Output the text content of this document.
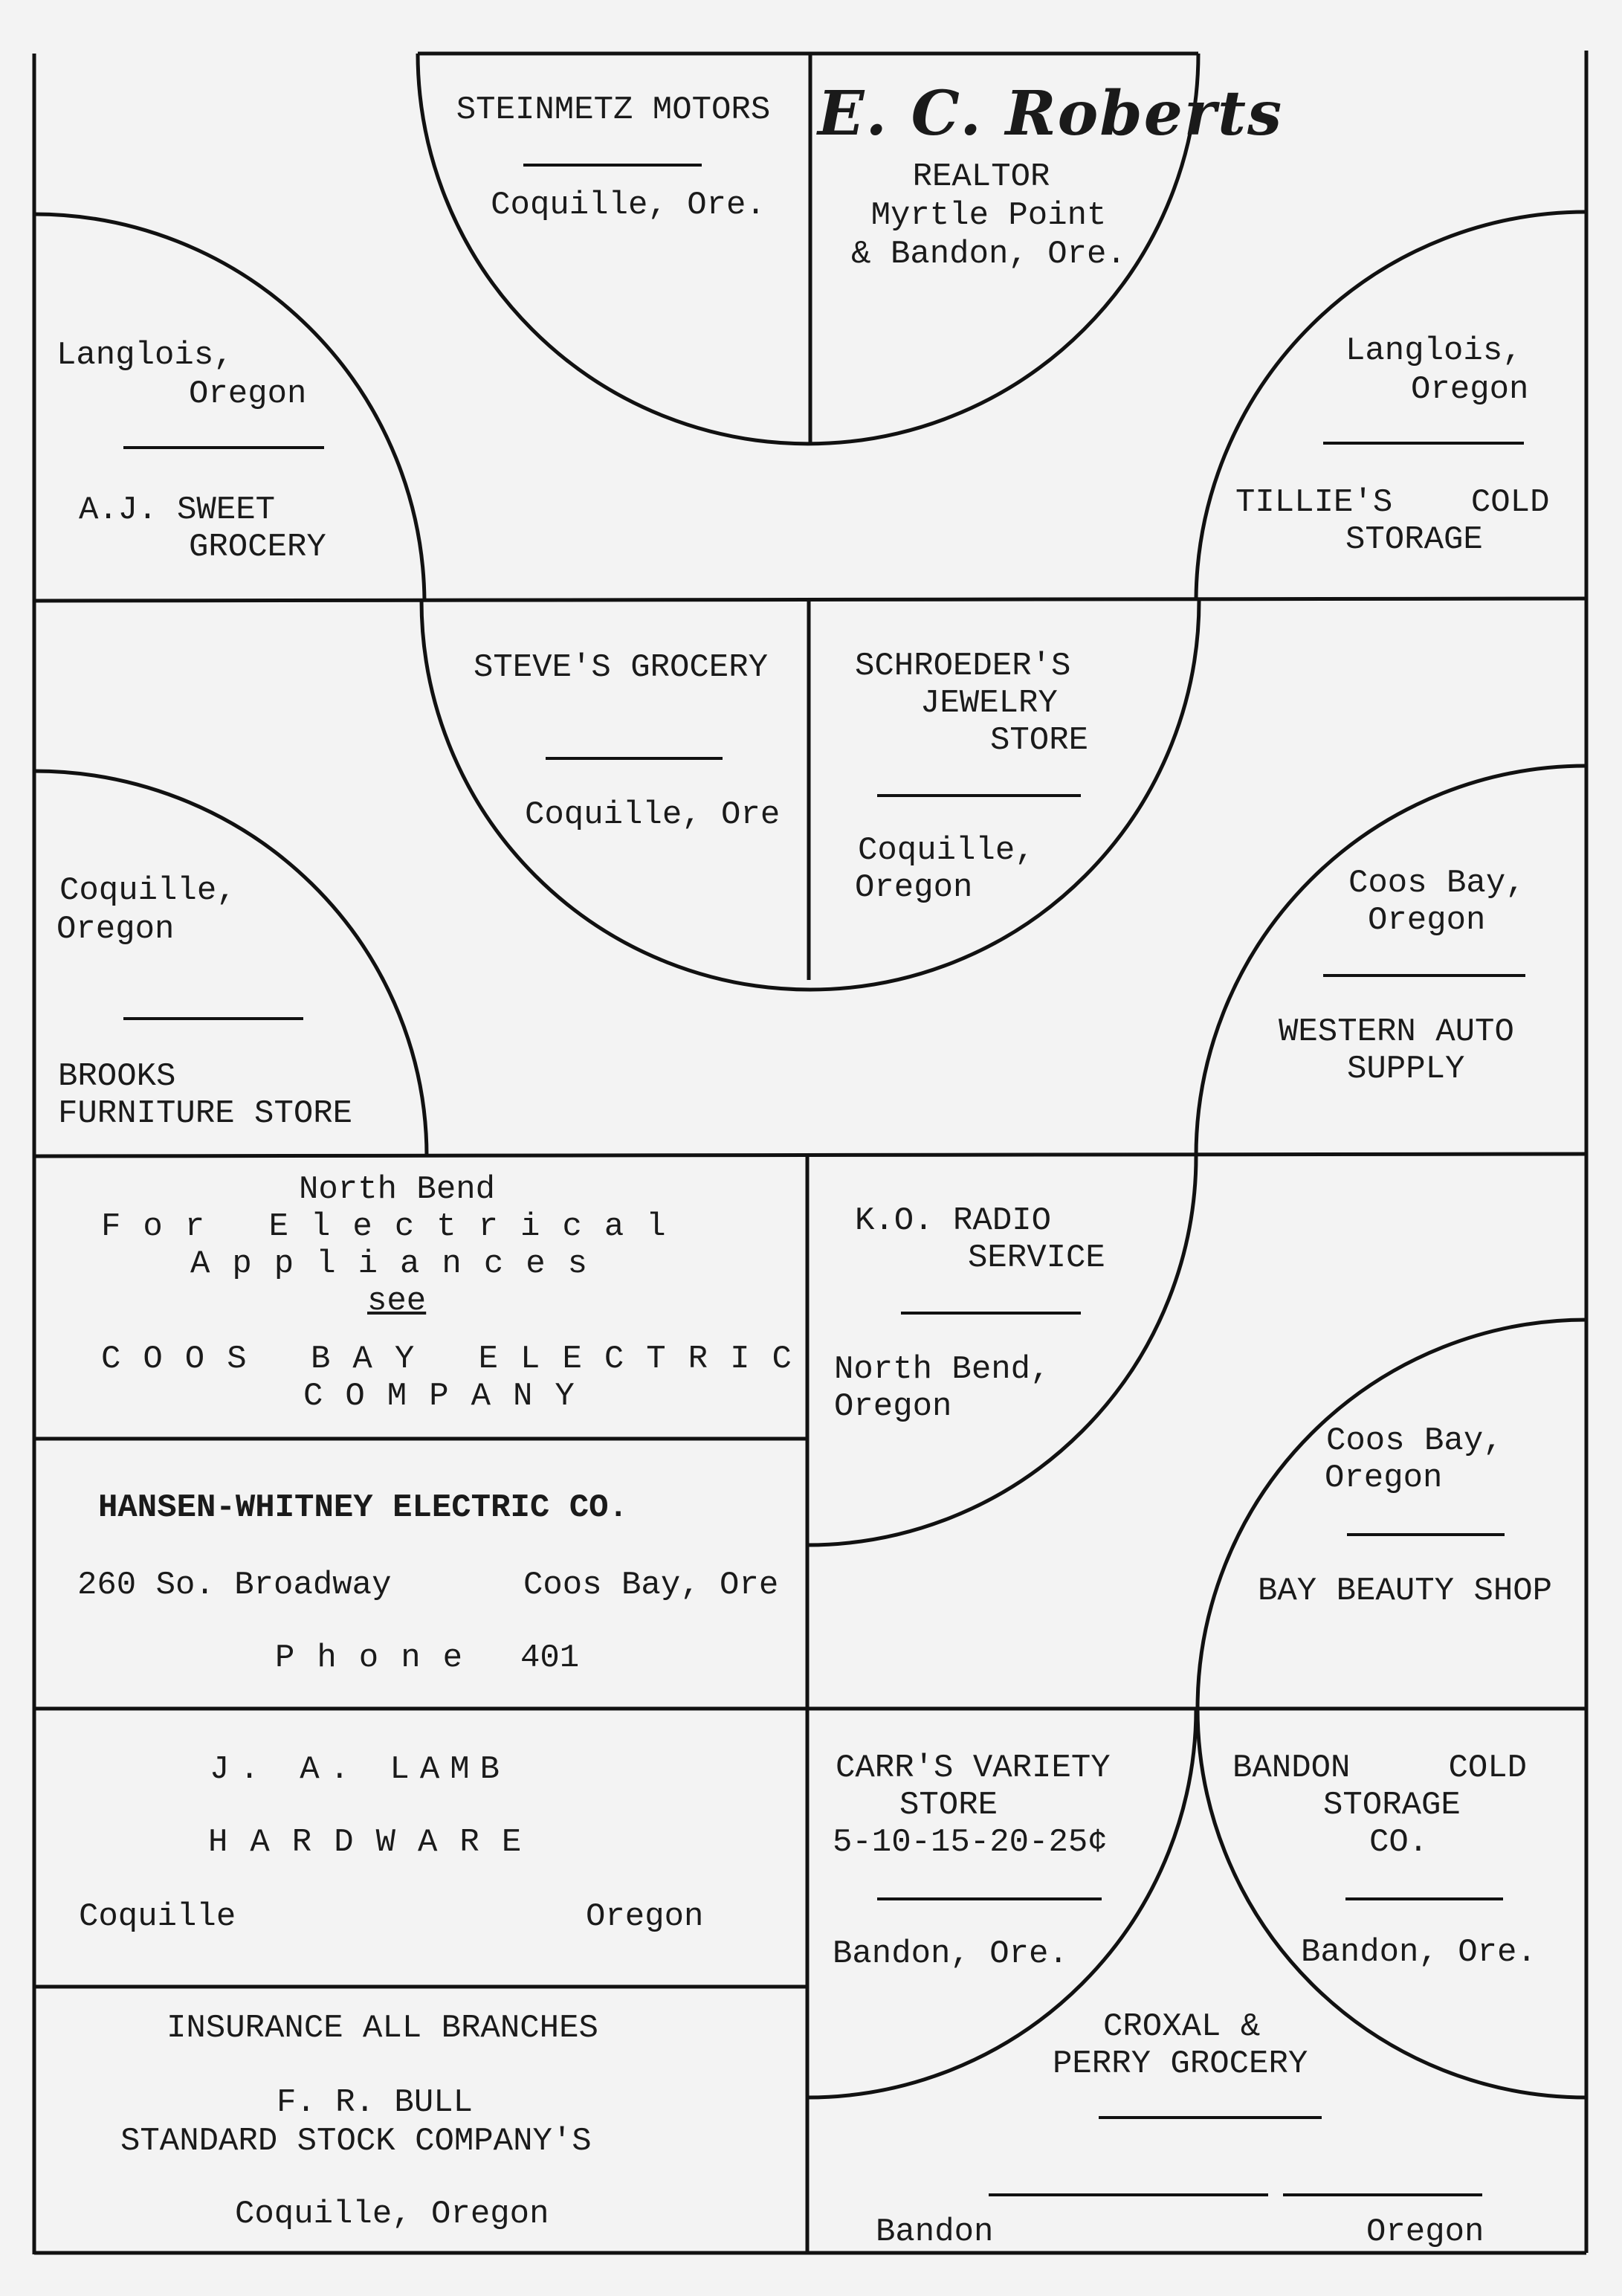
STEINMETZ MOTORS
Coquille, Ore.
E. C. Roberts
REALTOR
Myrtle Point
& Bandon, Ore.
Langlois,
Oregon
A.J. SWEET
GROCERY
Langlois,
Oregon
TILLIE'S    COLD
STORAGE
STEVE'S GROCERY
Coquille, Ore
SCHROEDER'S
JEWELRY
STORE
Coquille,
Oregon
Coquille,
Oregon
BROOKS
FURNITURE STORE
Coos Bay,
Oregon
WESTERN AUTO
SUPPLY
North Bend
For Electrical
Appliances
see
COOS BAY ELECTRIC
COMPANY
K.O. RADIO
SERVICE
North Bend,
Oregon
HANSEN-WHITNEY ELECTRIC CO.
260 So. Broadway	Coos Bay, Ore
Phone 401
Coos Bay,
Oregon
BAY BEAUTY SHOP
J. A. LAMB
HARDWARE
Coquille	Oregon
CARR'S VARIETY
STORE
5-10-15-20-25¢
Bandon, Ore.
BANDON     COLD
STORAGE
CO.
Bandon, Ore.
INSURANCE ALL BRANCHES
F. R. BULL
STANDARD STOCK COMPANY'S
Coquille, Oregon
CROXAL &
PERRY GROCERY
Bandon	Oregon
